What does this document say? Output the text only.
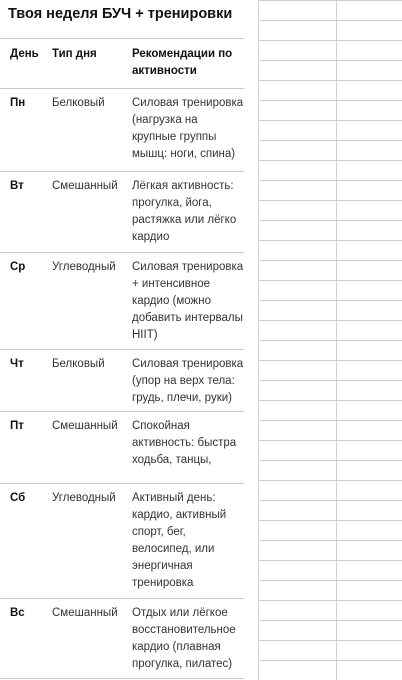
Твоя неделя БУЧ + тренировки
День	Тип дня	Рекомендации по
активности
Пн	Белковый	Силовая тренировка
(нагрузка на
крупные группы
мышц: ноги, спина)
Вт	Смешанный	Лёгкая активность:
прогулка, йога,
растяжка или лёгко
кардио
Ср	Углеводный	Силовая тренировка
+ интенсивное
кардио (можно
добавить интервалы
HIIT)
Чт	Белковый	Силовая тренировка
(упор на верх тела:
грудь, плечи, руки)
Пт	Смешанный	Спокойная
активность: быстра
ходьба, танцы,
Сб	Углеводный	Активный день:
кардио, активный
спорт, бег,
велосипед, или
энергичная
тренировка
Вс	Смешанный	Отдых или лёгкое
восстановительное
кардио (плавная
прогулка, пилатес)
